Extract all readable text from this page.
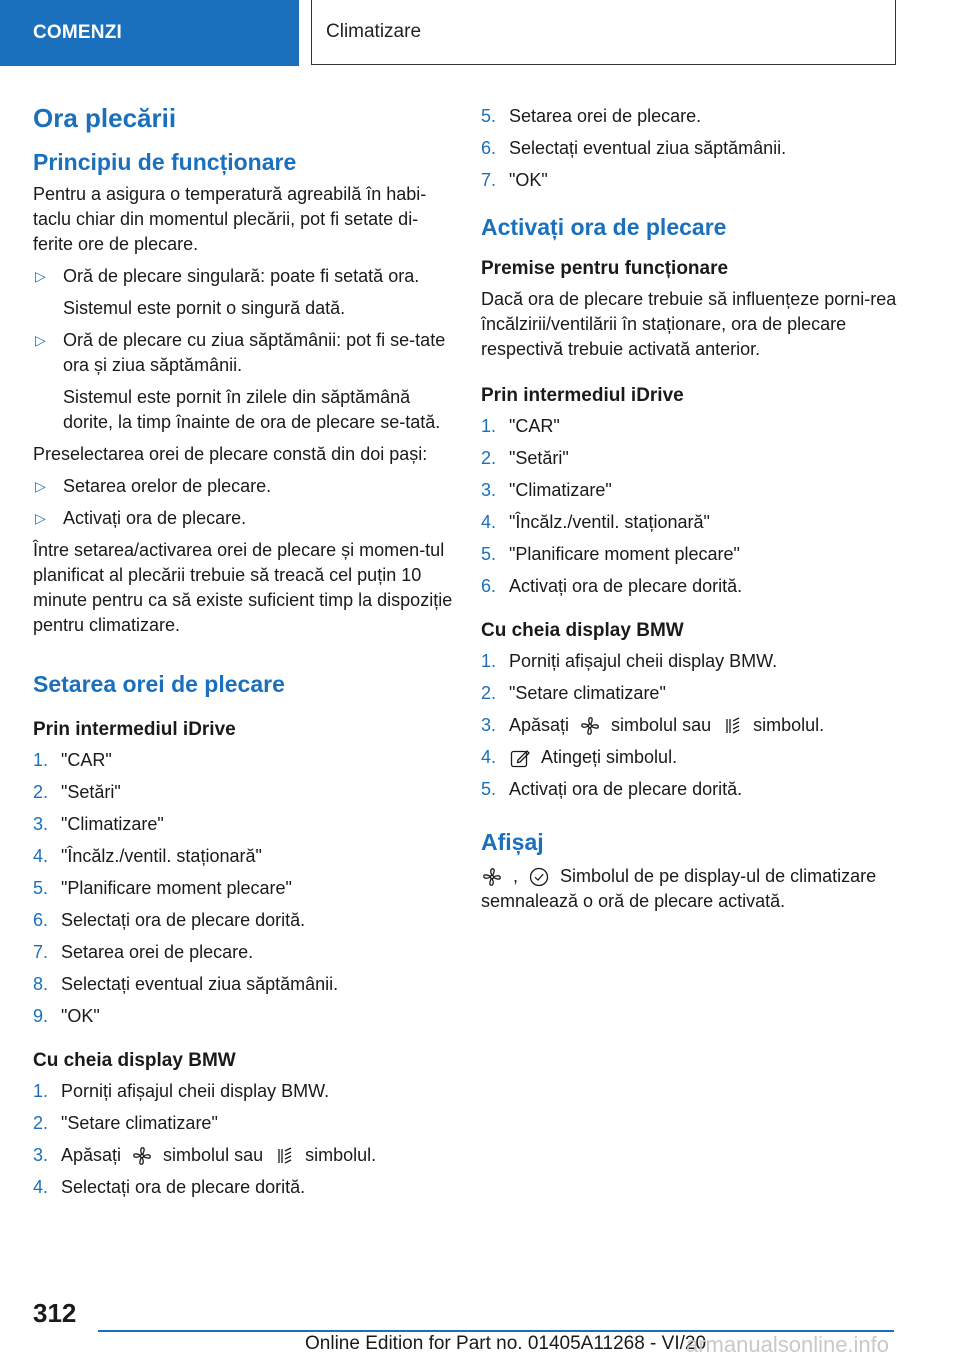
COMENZI	Climatizare
Ora plecării
Principiu de funcționare

Pentru a asigura o temperatură agreabilă în habi-taclu chiar din momentul plecării, pot fi setate di-ferite ore de plecare.

▷ Oră de plecare singulară: poate fi setată ora.

Sistemul este pornit o singură dată.

▷ Oră de plecare cu ziua săptămânii: pot fi se-tate ora și ziua săptămânii.

Sistemul este pornit în zilele din săptămână dorite, la timp înainte de ora de plecare se-tată.

Preselectarea orei de plecare constă din doi pași:

▷ Setarea orelor de plecare.

▷ Activați ora de plecare.

Între setarea/activarea orei de plecare și momen-tul planificat al plecării trebuie să treacă cel puțin 10 minute pentru ca să existe suficient timp la dispoziție pentru climatizare.

Setarea orei de plecare
Prin intermediul iDrive
1. "CAR"
2. "Setări"
3. "Climatizare"
4. "Încălz./ventil. staționară"
5. "Planificare moment plecare"
6. Selectați ora de plecare dorită.
7. Setarea orei de plecare.
8. Selectați eventual ziua săptămânii.
9. "OK"
Cu cheia display BMW
1. Porniți afișajul cheii display BMW.
2. "Setare climatizare"
3. Apăsați simbolul sau simbolul.
4. Selectați ora de plecare dorită.
5. Setarea orei de plecare.
6. Selectați eventual ziua săptămânii.
7. "OK"
Activați ora de plecare
Premise pentru funcționare

Dacă ora de plecare trebuie să influențeze porni-rea încălzirii/ventilării în staționare, ora de plecare respectivă trebuie activată anterior.

Prin intermediul iDrive
1. "CAR"
2. "Setări"
3. "Climatizare"
4. "Încălz./ventil. staționară"
5. "Planificare moment plecare"
6. Activați ora de plecare dorită.
Cu cheia display BMW
1. Porniți afișajul cheii display BMW.
2. "Setare climatizare"
3. Apăsați simbolul sau simbolul.
4.	Atingeți simbolul.
5. Activați ora de plecare dorită.
Afișaj

, Simbolul de pe display-ul de climatizare
semnalează o oră de plecare activată.

312
Online Edition for Part no. 01405A11268 - VI/20
armanualsonline.info
